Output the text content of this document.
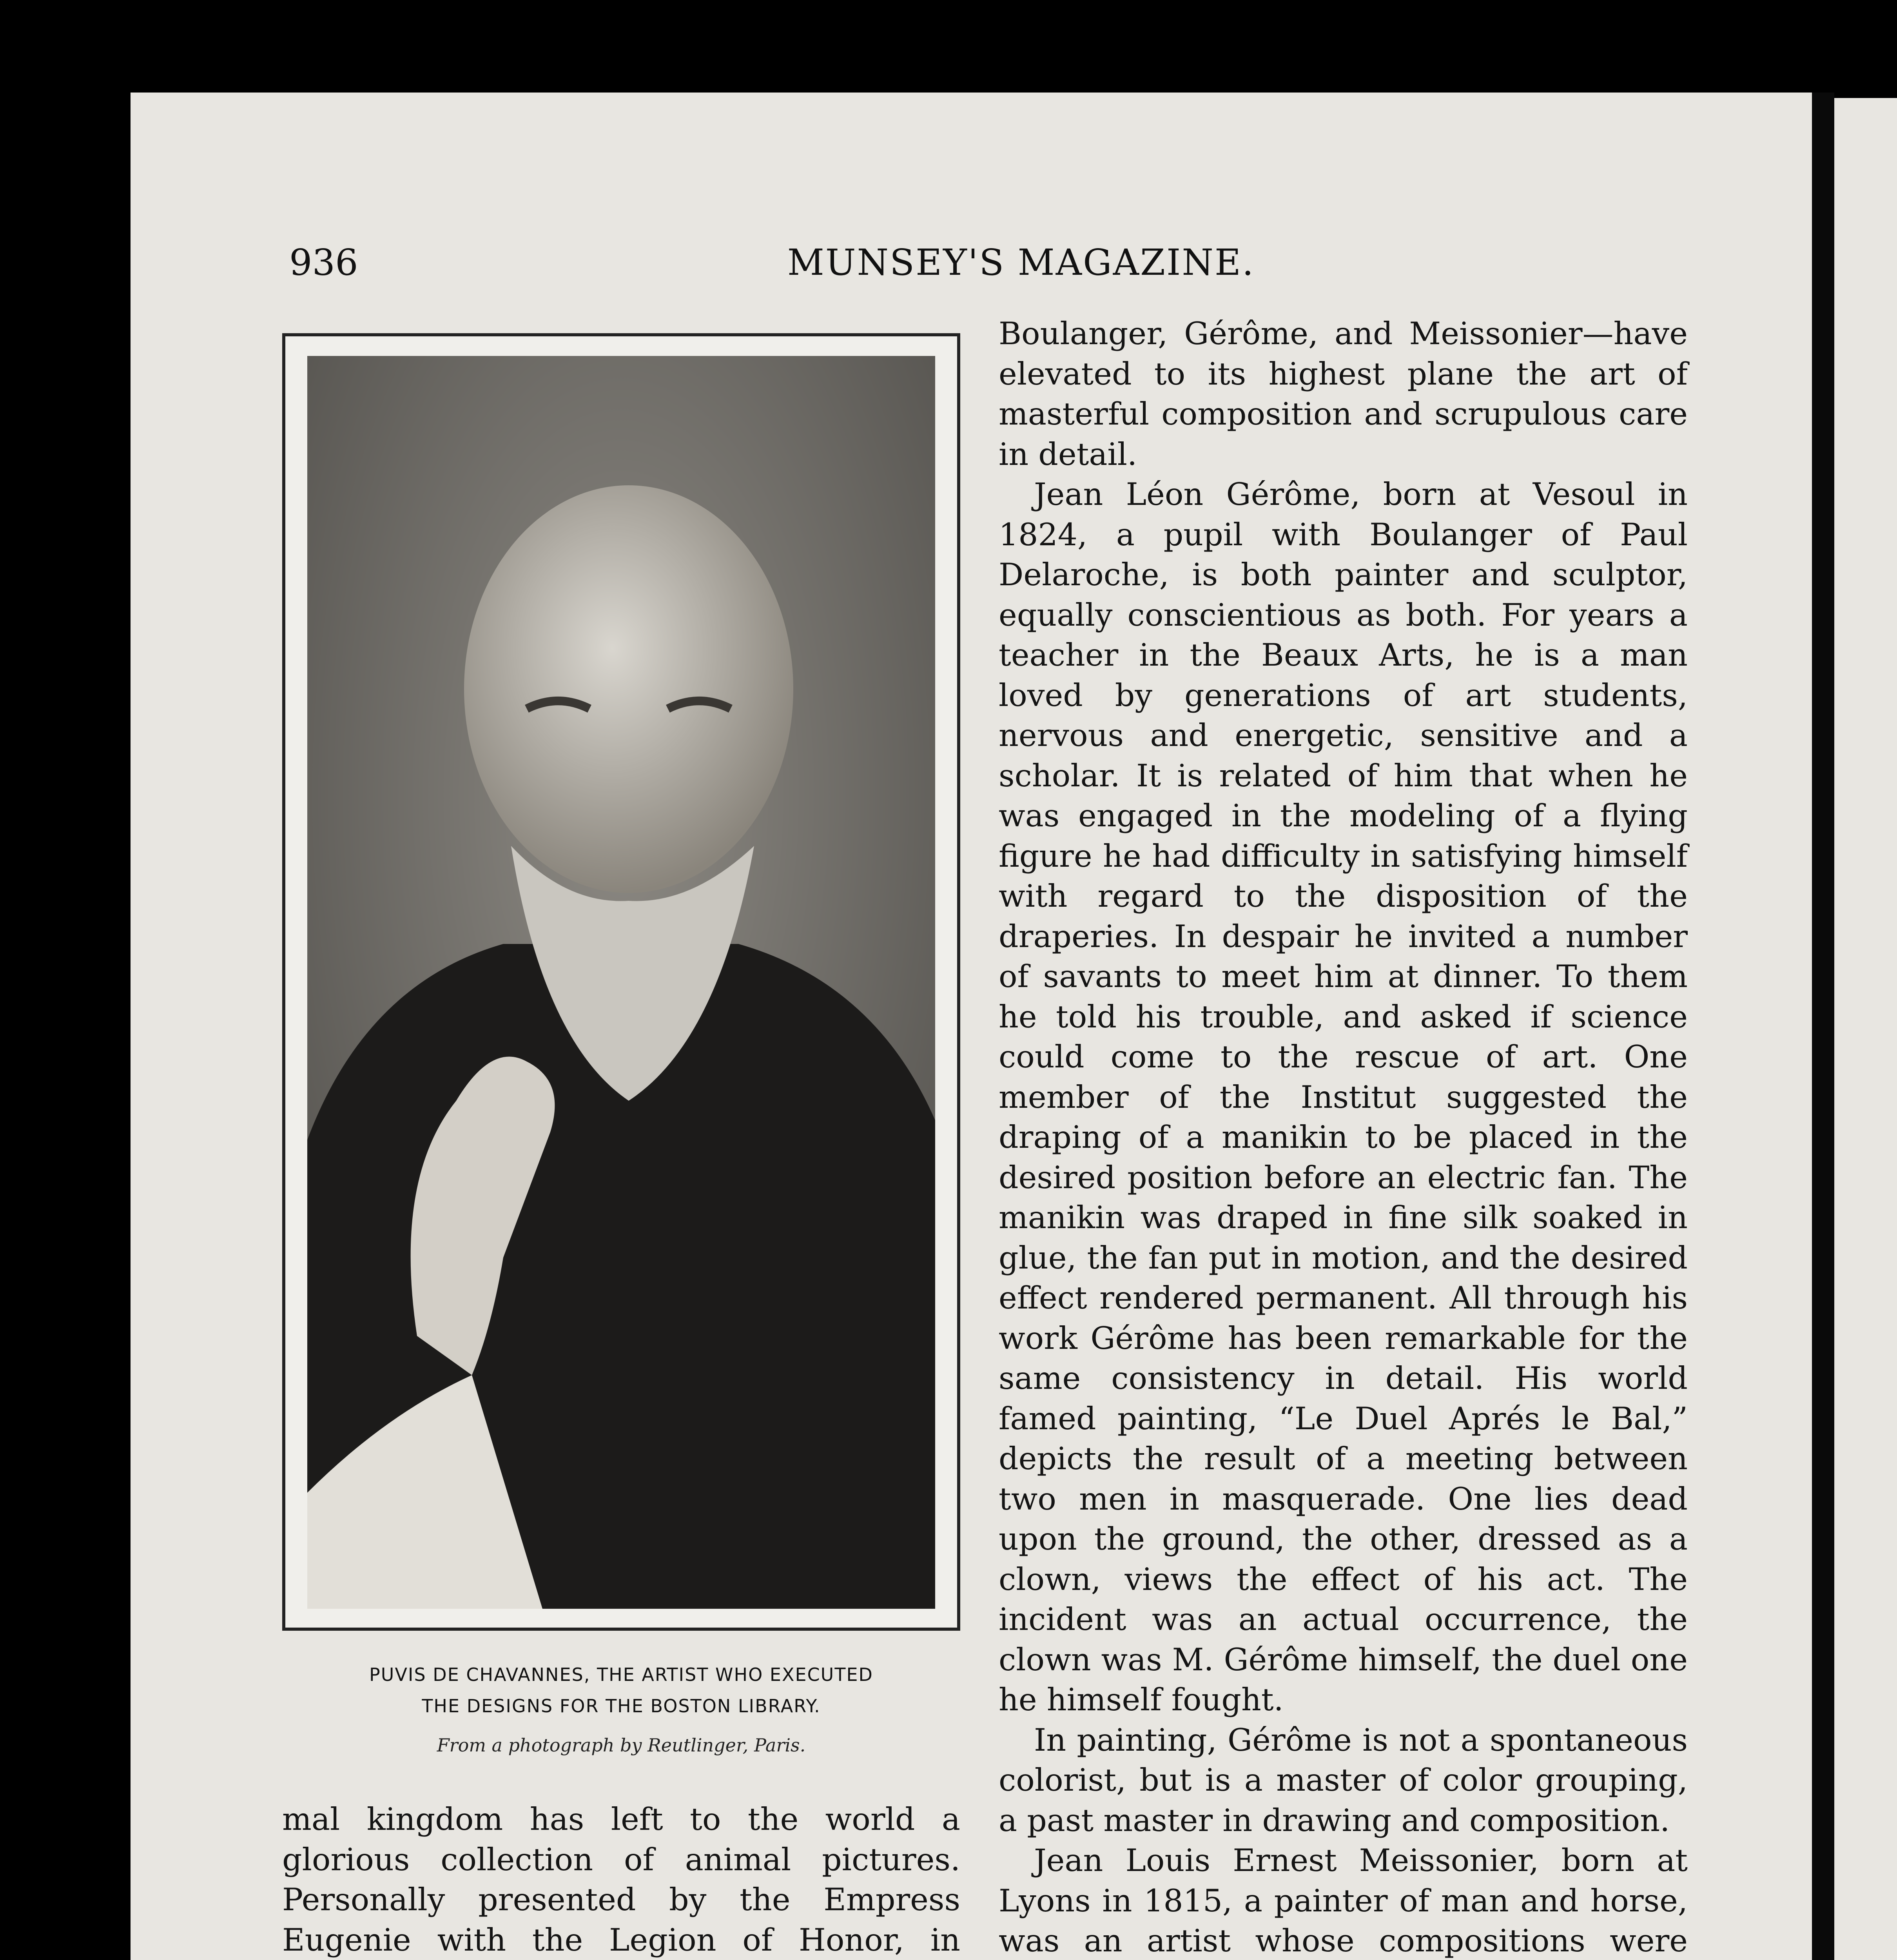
936	MUNSEY'S MAGAZINE.
PUVIS DE CHAVANNES, THE ARTIST WHO EXECUTED
THE DESIGNS FOR THE BOSTON LIBRARY.
From a photograph by Reutlinger, Paris.

Boulanger, Gérôme, and Meissonier—have elevated to its highest plane the art of masterful composition and scrupulous care in detail.

Jean Léon Gérôme, born at Vesoul in 1824, a pupil with Boulanger of Paul Delaroche, is both painter and sculptor, equally conscientious as both. For years a teacher in the Beaux Arts, he is a man loved by generations of art students, nervous and energetic, sensitive and a scholar. It is related of him that when he was engaged in the modeling of a flying figure he had difficulty in satisfying himself with regard to the disposition of the draperies. In despair he invited a number of savants to meet him at dinner. To them he told his trouble, and asked if science could come to the rescue of art. One member of the Institut suggested the draping of a manikin to be placed in the desired position before an electric fan. The manikin was draped in fine silk soaked in glue, the fan put in motion, and the desired effect rendered permanent. All through his work Gérôme has been remarkable for the same consistency in detail. His world famed painting, “Le Duel Aprés le Bal,” depicts the result of a meeting between two men in masquerade. One lies dead upon the ground, the other, dressed as a clown, views the effect of his act. The incident was an actual occurrence, the clown was M. Gérôme himself, the duel one he himself fought.

In painting, Gérôme is not a spontaneous colorist, but is a master of color grouping, a past master in drawing and composition.

Jean Louis Ernest Meissonier, born at Lyons in 1815, a painter of man and horse, was an artist whose compositions were

mal kingdom has left to the world a glorious collection of animal pictures. Personally presented by the Empress Eugenie with the Legion of Honor, in
